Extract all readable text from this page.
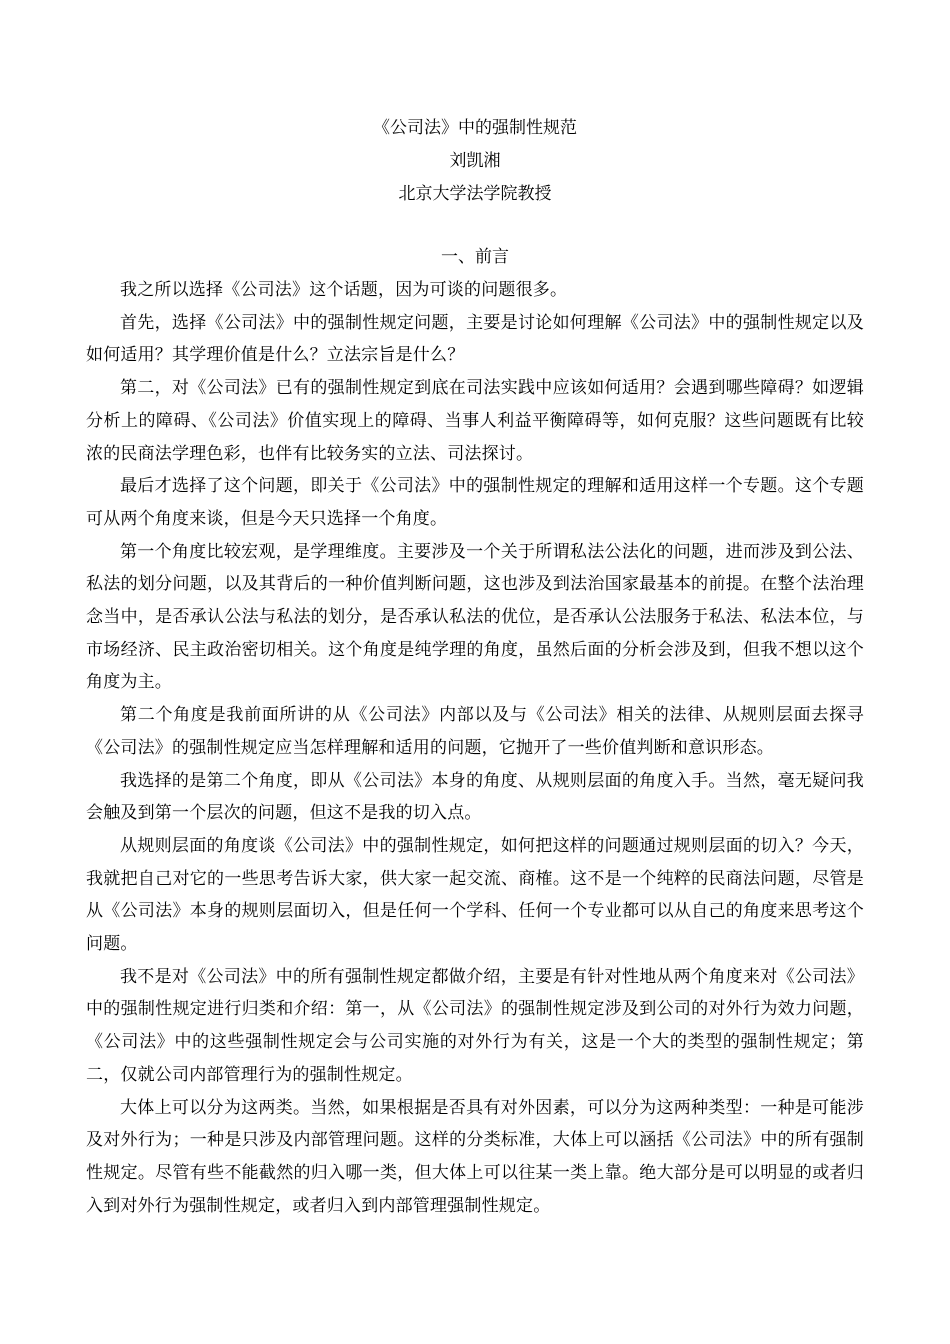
《公司法》中的强制性规范

刘凯湘

北京大学法学院教授

一、前言

我之所以选择《公司法》这个话题，因为可谈的问题很多。

首先，选择《公司法》中的强制性规定问题，主要是讨论如何理解《公司法》中的强制性规定以及如何适用？其学理价值是什么？立法宗旨是什么？

第二，对《公司法》已有的强制性规定到底在司法实践中应该如何适用？会遇到哪些障碍？如逻辑分析上的障碍、《公司法》价值实现上的障碍、当事人利益平衡障碍等，如何克服？这些问题既有比较浓的民商法学理色彩，也伴有比较务实的立法、司法探讨。

最后才选择了这个问题，即关于《公司法》中的强制性规定的理解和适用这样一个专题。这个专题可从两个角度来谈，但是今天只选择一个角度。

第一个角度比较宏观，是学理维度。主要涉及一个关于所谓私法公法化的问题，进而涉及到公法、私法的划分问题，以及其背后的一种价值判断问题，这也涉及到法治国家最基本的前提。在整个法治理念当中，是否承认公法与私法的划分，是否承认私法的优位，是否承认公法服务于私法、私法本位，与市场经济、民主政治密切相关。这个角度是纯学理的角度，虽然后面的分析会涉及到，但我不想以这个角度为主。

第二个角度是我前面所讲的从《公司法》内部以及与《公司法》相关的法律、从规则层面去探寻《公司法》的强制性规定应当怎样理解和适用的问题，它抛开了一些价值判断和意识形态。

我选择的是第二个角度，即从《公司法》本身的角度、从规则层面的角度入手。当然，毫无疑问我会触及到第一个层次的问题，但这不是我的切入点。

从规则层面的角度谈《公司法》中的强制性规定，如何把这样的问题通过规则层面的切入？今天，我就把自己对它的一些思考告诉大家，供大家一起交流、商榷。这不是一个纯粹的民商法问题，尽管是从《公司法》本身的规则层面切入，但是任何一个学科、任何一个专业都可以从自己的角度来思考这个问题。

我不是对《公司法》中的所有强制性规定都做介绍，主要是有针对性地从两个角度来对《公司法》中的强制性规定进行归类和介绍：第一，从《公司法》的强制性规定涉及到公司的对外行为效力问题，《公司法》中的这些强制性规定会与公司实施的对外行为有关，这是一个大的类型的强制性规定；第二，仅就公司内部管理行为的强制性规定。

大体上可以分为这两类。当然，如果根据是否具有对外因素，可以分为这两种类型：一种是可能涉及对外行为；一种是只涉及内部管理问题。这样的分类标准，大体上可以涵括《公司法》中的所有强制性规定。尽管有些不能截然的归入哪一类，但大体上可以往某一类上靠。绝大部分是可以明显的或者归入到对外行为强制性规定，或者归入到内部管理强制性规定。
